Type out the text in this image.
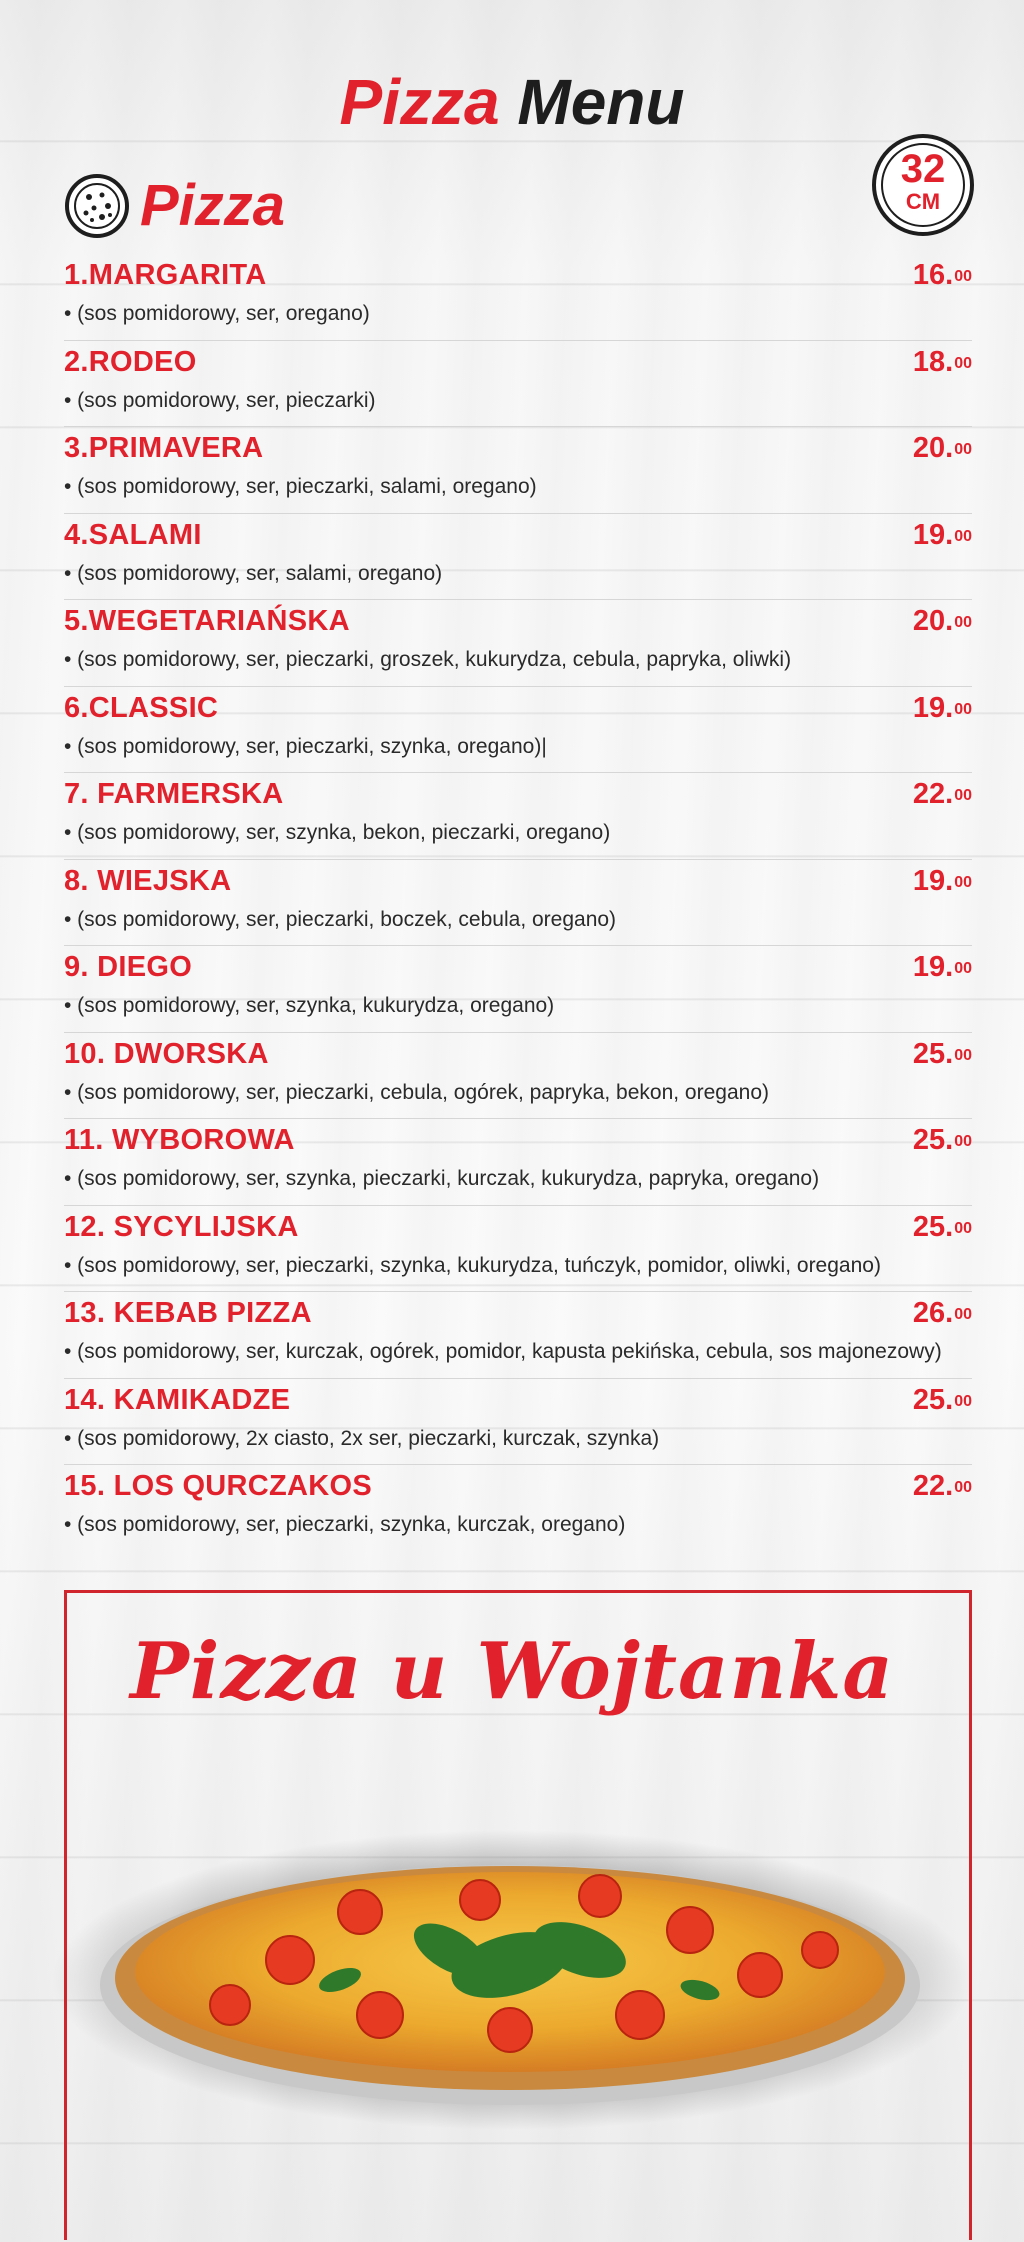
Pizza Menu
Pizza
32
CM
1.MARGARITA	16.00
• (sos pomidorowy, ser, oregano)
2.RODEO	18.00
• (sos pomidorowy, ser, pieczarki)
3.PRIMAVERA	20.00
• (sos pomidorowy, ser, pieczarki, salami, oregano)
4.SALAMI	19.00
• (sos pomidorowy, ser, salami, oregano)
5.WEGETARIAŃSKA	20.00
• (sos pomidorowy, ser, pieczarki, groszek, kukurydza, cebula, papryka, oliwki)
6.CLASSIC	19.00
• (sos pomidorowy, ser, pieczarki, szynka, oregano)|
7. FARMERSKA	22.00
• (sos pomidorowy, ser, szynka, bekon, pieczarki, oregano)
8. WIEJSKA	19.00
• (sos pomidorowy, ser, pieczarki, boczek, cebula, oregano)
9. DIEGO	19.00
• (sos pomidorowy, ser, szynka, kukurydza, oregano)
10. DWORSKA	25.00
• (sos pomidorowy, ser, pieczarki, cebula, ogórek, papryka, bekon, oregano)
11. WYBOROWA	25.00
• (sos pomidorowy, ser, szynka, pieczarki, kurczak, kukurydza, papryka, oregano)
12. SYCYLIJSKA	25.00
• (sos pomidorowy, ser, pieczarki, szynka, kukurydza, tuńczyk, pomidor, oliwki, oregano)
13. KEBAB PIZZA	26.00
• (sos pomidorowy, ser, kurczak, ogórek, pomidor, kapusta pekińska, cebula, sos majonezowy)
14. KAMIKADZE	25.00
• (sos pomidorowy, 2x ciasto, 2x ser, pieczarki, kurczak, szynka)
15. LOS QURCZAKOS	22.00
• (sos pomidorowy, ser, pieczarki, szynka, kurczak, oregano)
Pizza u Wojtanka
